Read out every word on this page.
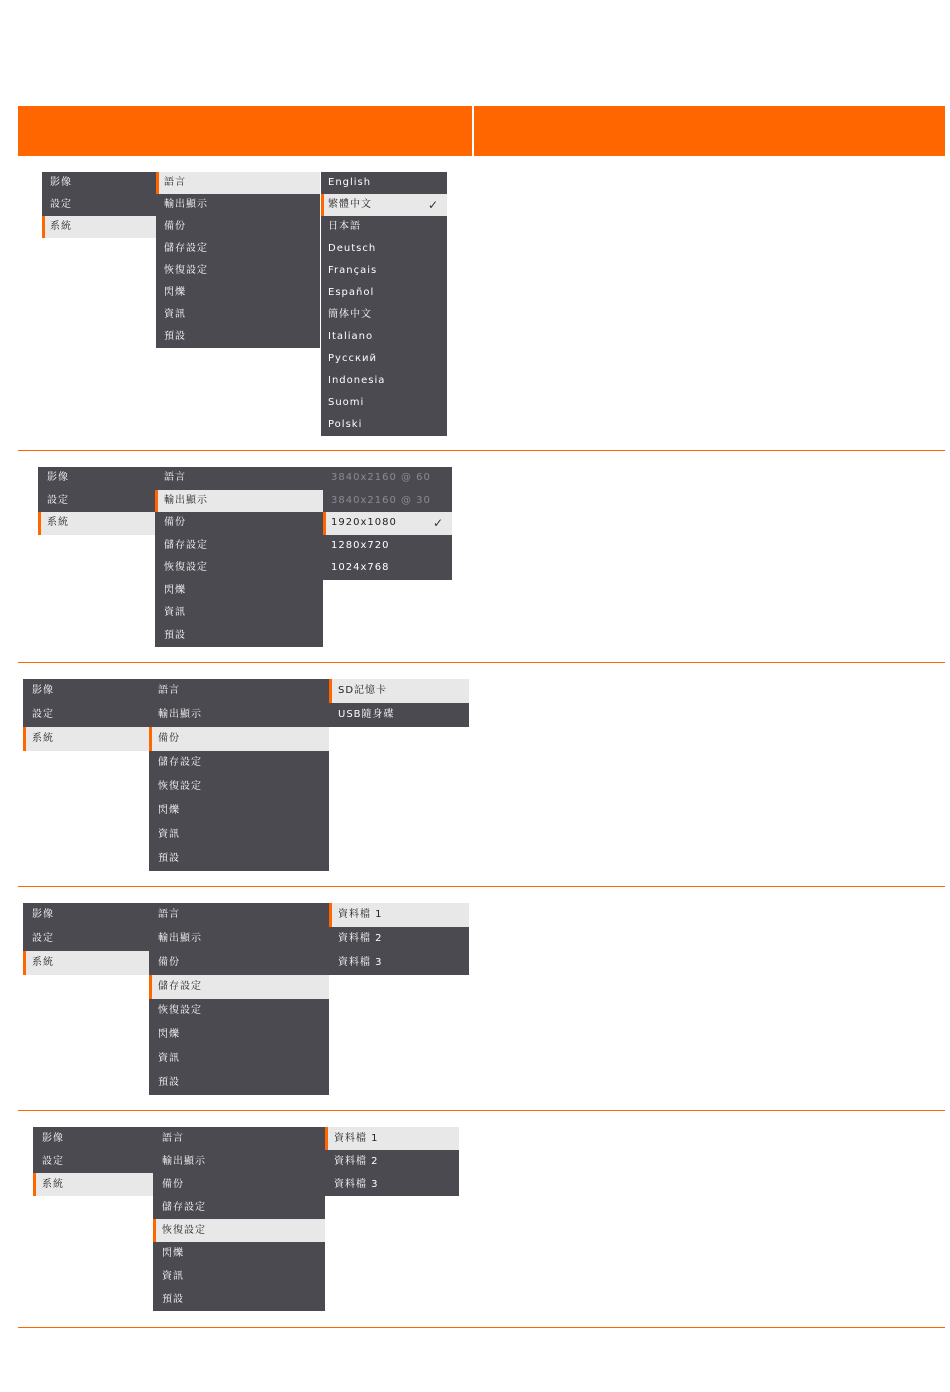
影像
設定
系統
語言
輸出顯示
備份
儲存設定
恢復設定
閃爍
資訊
預設
English
繁體中文	✓
日本語
Deutsch
Français
Español
簡体中文
Italiano
Pусский
Indonesia
Suomi
Polski
影像
設定
系統
語言
輸出顯示
備份
儲存設定
恢復設定
閃爍
資訊
預設
3840x2160 @ 60
3840x2160 @ 30
1920x1080	✓
1280x720
1024x768
影像
設定
系統
語言
輸出顯示
備份
儲存設定
恢復設定
閃爍
資訊
預設
SD記憶卡
USB隨身碟
影像
設定
系統
語言
輸出顯示
備份
儲存設定
恢復設定
閃爍
資訊
預設
資料檔 1
資料檔 2
資料檔 3
影像
設定
系統
語言
輸出顯示
備份
儲存設定
恢復設定
閃爍
資訊
預設
資料檔 1
資料檔 2
資料檔 3
